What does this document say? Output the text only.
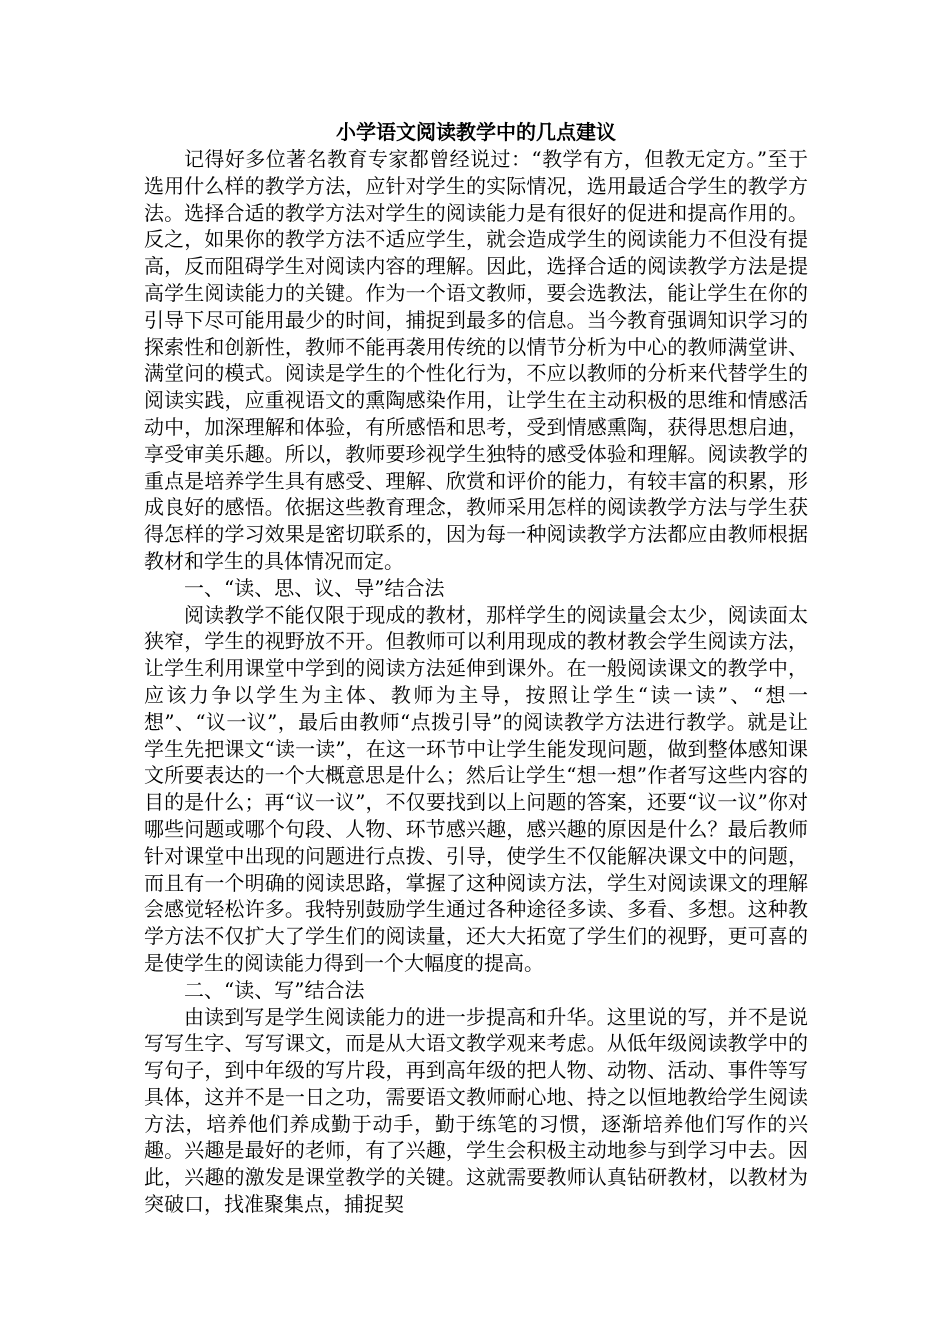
小学语文阅读教学中的几点建议

记得好多位著名教育专家都曾经说过：“教学有方，但教无定方。”至于选用什么样的教学方法，应针对学生的实际情况，选用最适合学生的教学方法。选择合适的教学方法对学生的阅读能力是有很好的促进和提高作用的。反之，如果你的教学方法不适应学生，就会造成学生的阅读能力不但没有提高，反而阻碍学生对阅读内容的理解。因此，选择合适的阅读教学方法是提高学生阅读能力的关键。作为一个语文教师，要会选教法，能让学生在你的引导下尽可能用最少的时间，捕捉到最多的信息。当今教育强调知识学习的探索性和创新性，教师不能再袭用传统的以情节分析为中心的教师满堂讲、满堂问的模式。阅读是学生的个性化行为，不应以教师的分析来代替学生的阅读实践，应重视语文的熏陶感染作用，让学生在主动积极的思维和情感活动中，加深理解和体验，有所感悟和思考，受到情感熏陶，获得思想启迪，享受审美乐趣。所以，教师要珍视学生独特的感受体验和理解。阅读教学的重点是培养学生具有感受、理解、欣赏和评价的能力，有较丰富的积累，形成良好的感悟。依据这些教育理念，教师采用怎样的阅读教学方法与学生获得怎样的学习效果是密切联系的，因为每一种阅读教学方法都应由教师根据教材和学生的具体情况而定。

一、“读、思、议、导”结合法

阅读教学不能仅限于现成的教材，那样学生的阅读量会太少，阅读面太狭窄，学生的视野放不开。但教师可以利用现成的教材教会学生阅读方法，让学生利用课堂中学到的阅读方法延伸到课外。在一般阅读课文的教学中，应该力争以学生为主体、教师为主导，按照让学生“读一读”、“想一想”、“议一议”，最后由教师“点拨引导”的阅读教学方法进行教学。就是让学生先把课文“读一读”，在这一环节中让学生能发现问题，做到整体感知课文所要表达的一个大概意思是什么；然后让学生“想一想”作者写这些内容的目的是什么；再“议一议”，不仅要找到以上问题的答案，还要“议一议”你对哪些问题或哪个句段、人物、环节感兴趣，感兴趣的原因是什么？最后教师针对课堂中出现的问题进行点拨、引导，使学生不仅能解决课文中的问题，而且有一个明确的阅读思路，掌握了这种阅读方法，学生对阅读课文的理解会感觉轻松许多。我特别鼓励学生通过各种途径多读、多看、多想。这种教学方法不仅扩大了学生们的阅读量，还大大拓宽了学生们的视野，更可喜的是使学生的阅读能力得到一个大幅度的提高。

二、“读、写”结合法

由读到写是学生阅读能力的进一步提高和升华。这里说的写，并不是说写写生字、写写课文，而是从大语文教学观来考虑。从低年级阅读教学中的写句子，到中年级的写片段，再到高年级的把人物、动物、活动、事件等写具体，这并不是一日之功，需要语文教师耐心地、持之以恒地教给学生阅读方法，培养他们养成勤于动手，勤于练笔的习惯，逐渐培养他们写作的兴趣。兴趣是最好的老师，有了兴趣，学生会积极主动地参与到学习中去。因此，兴趣的激发是课堂教学的关键。这就需要教师认真钻研教材，以教材为突破口，找准聚集点，捕捉契
